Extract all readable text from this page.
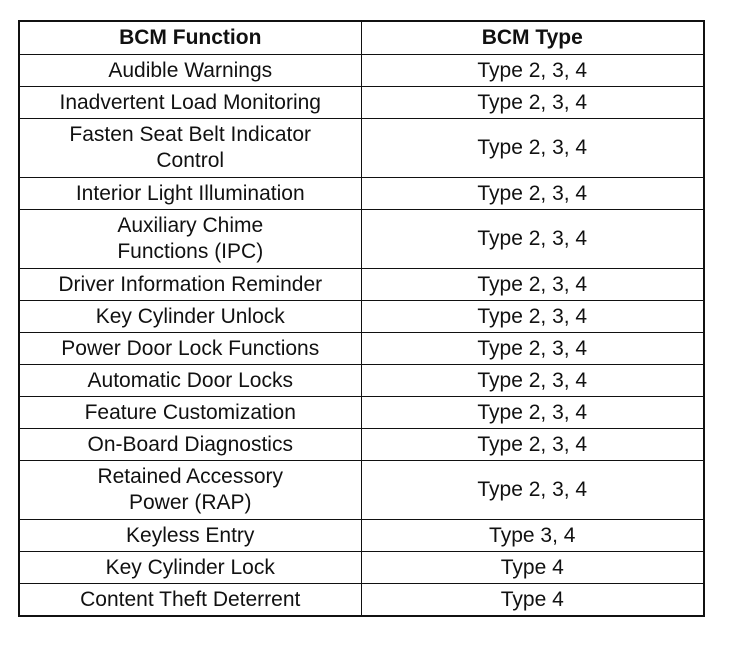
BCM Function	BCM Type
Audible Warnings	Type 2, 3, 4
Inadvertent Load Monitoring	Type 2, 3, 4
Fasten Seat Belt Indicator Control	Type 2, 3, 4
Interior Light Illumination	Type 2, 3, 4
Auxiliary Chime Functions (IPC)	Type 2, 3, 4
Driver Information Reminder	Type 2, 3, 4
Key Cylinder Unlock	Type 2, 3, 4
Power Door Lock Functions	Type 2, 3, 4
Automatic Door Locks	Type 2, 3, 4
Feature Customization	Type 2, 3, 4
On-Board Diagnostics	Type 2, 3, 4
Retained Accessory Power (RAP)	Type 2, 3, 4
Keyless Entry	Type 3, 4
Key Cylinder Lock	Type 4
Content Theft Deterrent	Type 4
